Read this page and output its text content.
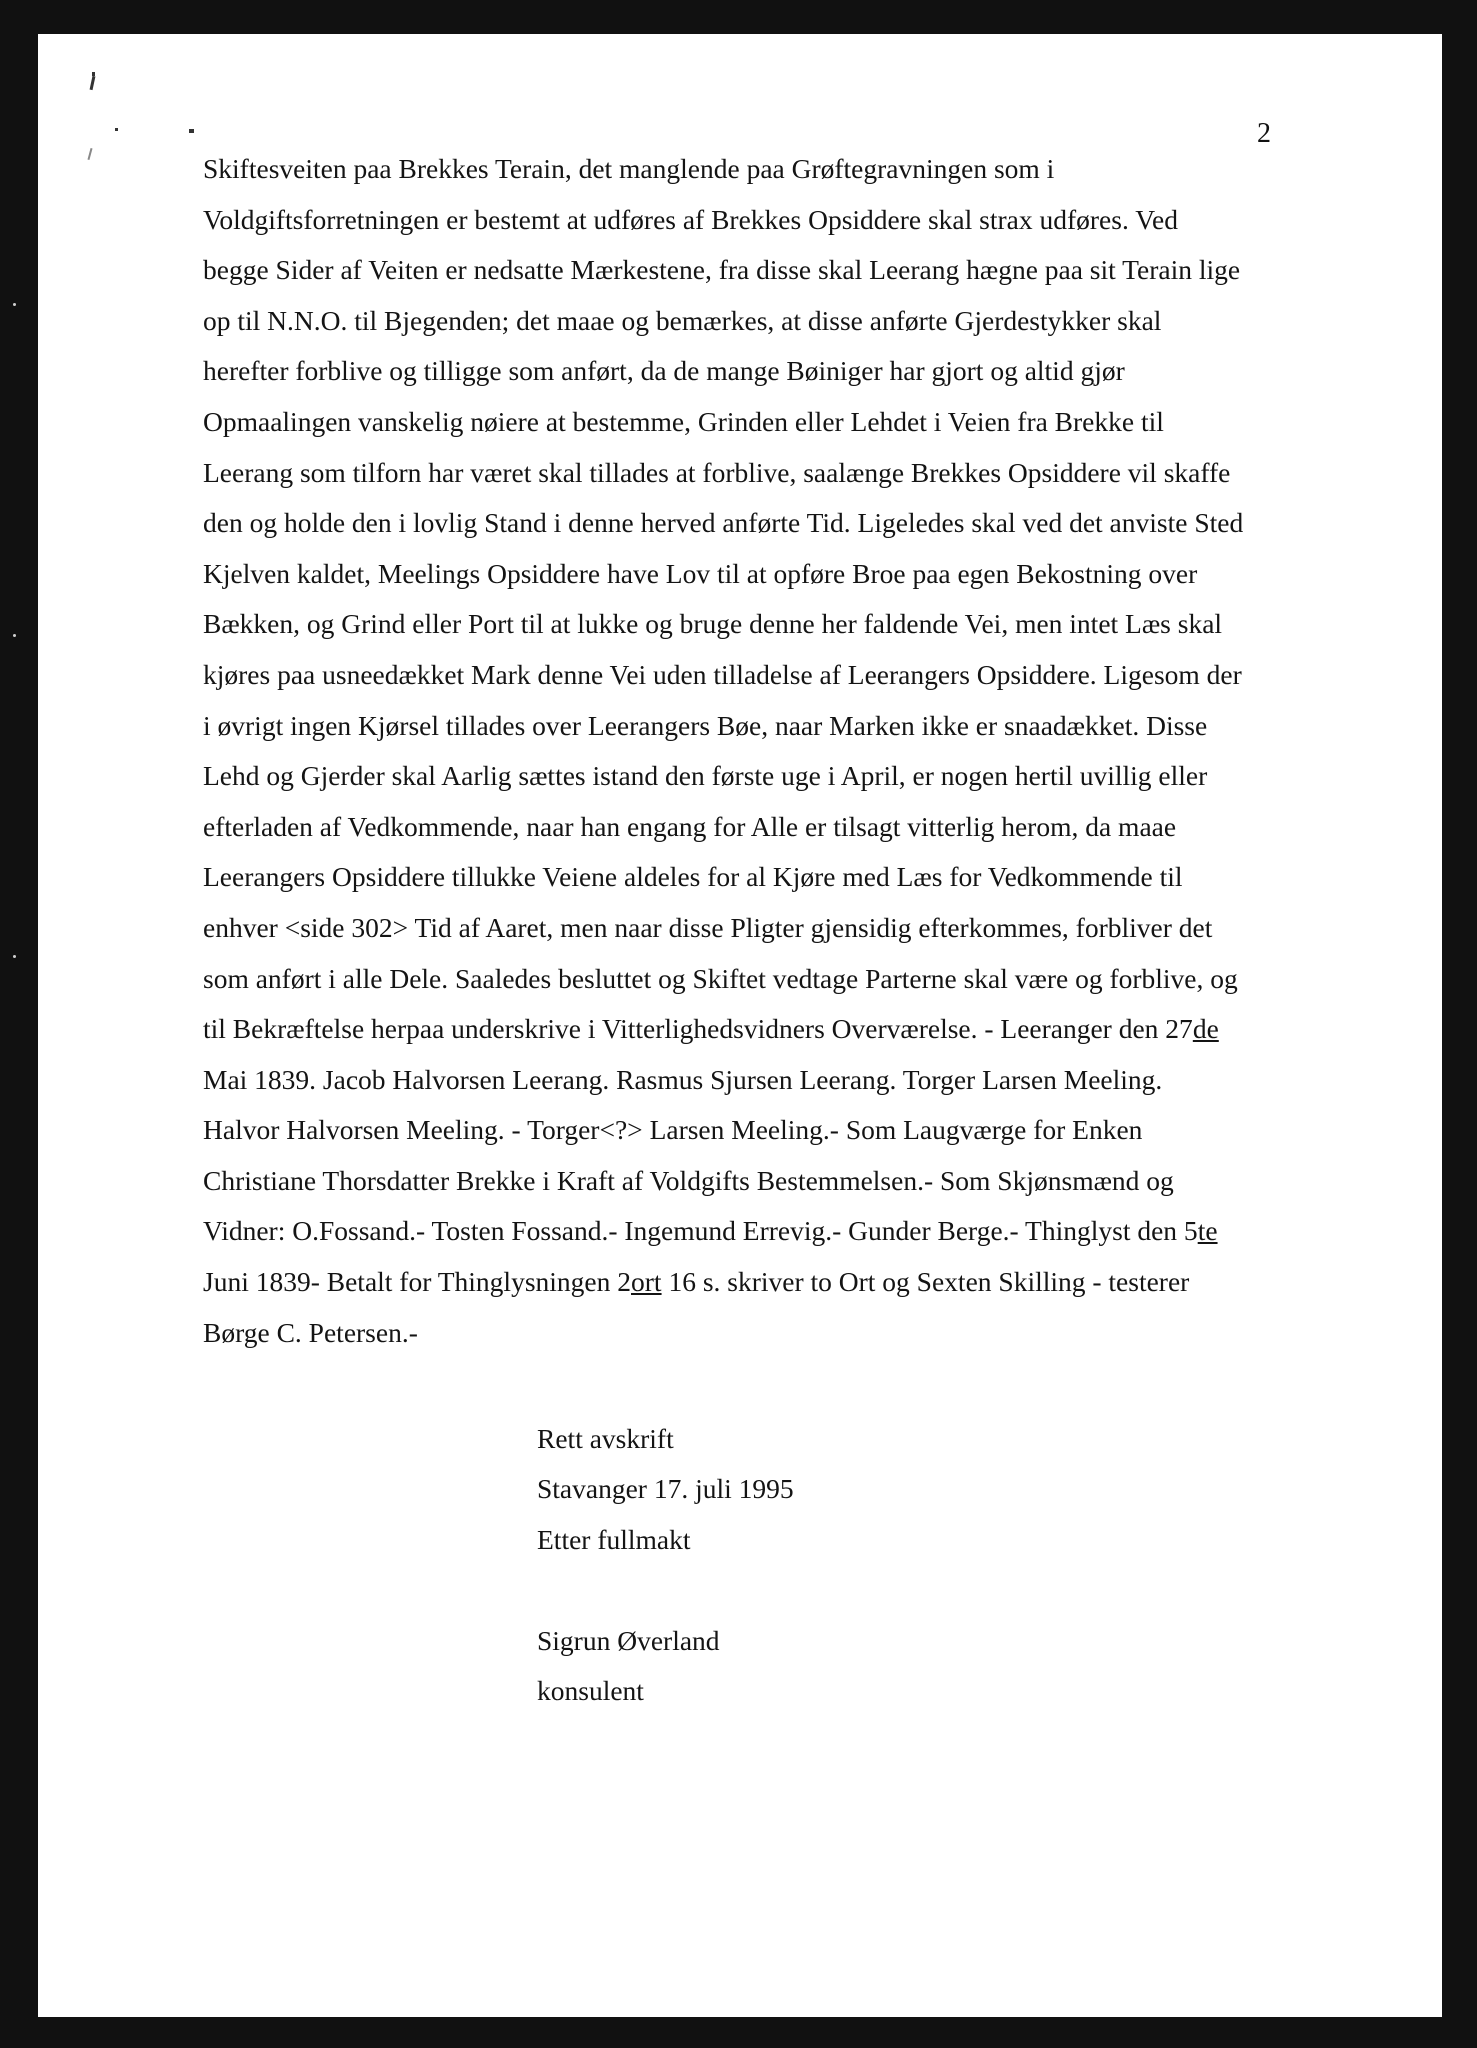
2
Skiftesveiten paa Brekkes Terain, det manglende paa Grøftegravningen som i
Voldgiftsforretningen er bestemt at udføres af Brekkes Opsiddere skal strax udføres. Ved
begge Sider af Veiten er nedsatte Mærkestene, fra disse skal Leerang hægne paa sit Terain lige
op til N.N.O. til Bjegenden; det maae og bemærkes, at disse anførte Gjerdestykker skal
herefter forblive og tilligge som anført, da de mange Bøiniger har gjort og altid gjør
Opmaalingen vanskelig nøiere at bestemme, Grinden eller Lehdet i Veien fra Brekke til
Leerang som tilforn har været skal tillades at forblive, saalænge Brekkes Opsiddere vil skaffe
den og holde den i lovlig Stand i denne herved anførte Tid. Ligeledes skal ved det anviste Sted
Kjelven kaldet, Meelings Opsiddere have Lov til at opføre Broe paa egen Bekostning over
Bækken, og Grind eller Port til at lukke og bruge denne her faldende Vei, men intet Læs skal
kjøres paa usneedækket Mark denne Vei uden tilladelse af Leerangers Opsiddere. Ligesom der
i øvrigt ingen Kjørsel tillades over Leerangers Bøe, naar Marken ikke er snaadækket. Disse
Lehd og Gjerder skal Aarlig sættes istand den første uge i April, er nogen hertil uvillig eller
efterladen af Vedkommende, naar han engang for Alle er tilsagt vitterlig herom, da maae
Leerangers Opsiddere tillukke Veiene aldeles for al Kjøre med Læs for Vedkommende til
enhver <side 302> Tid af Aaret, men naar disse Pligter gjensidig efterkommes, forbliver det
som anført i alle Dele. Saaledes besluttet og Skiftet vedtage Parterne skal være og forblive, og
til Bekræftelse herpaa underskrive i Vitterlighedsvidners Overværelse. - Leeranger den 27de
Mai 1839. Jacob Halvorsen Leerang. Rasmus Sjursen Leerang. Torger Larsen Meeling.
Halvor Halvorsen Meeling. - Torger<?> Larsen Meeling.- Som Laugværge for Enken
Christiane Thorsdatter Brekke i Kraft af Voldgifts Bestemmelsen.- Som Skjønsmænd og
Vidner: O.Fossand.- Tosten Fossand.- Ingemund Errevig.- Gunder Berge.- Thinglyst den 5te
Juni 1839- Betalt for Thinglysningen 2ort 16 s. skriver to Ort og Sexten Skilling - testerer
Børge C. Petersen.-
Rett avskrift
Stavanger 17. juli 1995
Etter fullmakt
Sigrun Øverland
konsulent
